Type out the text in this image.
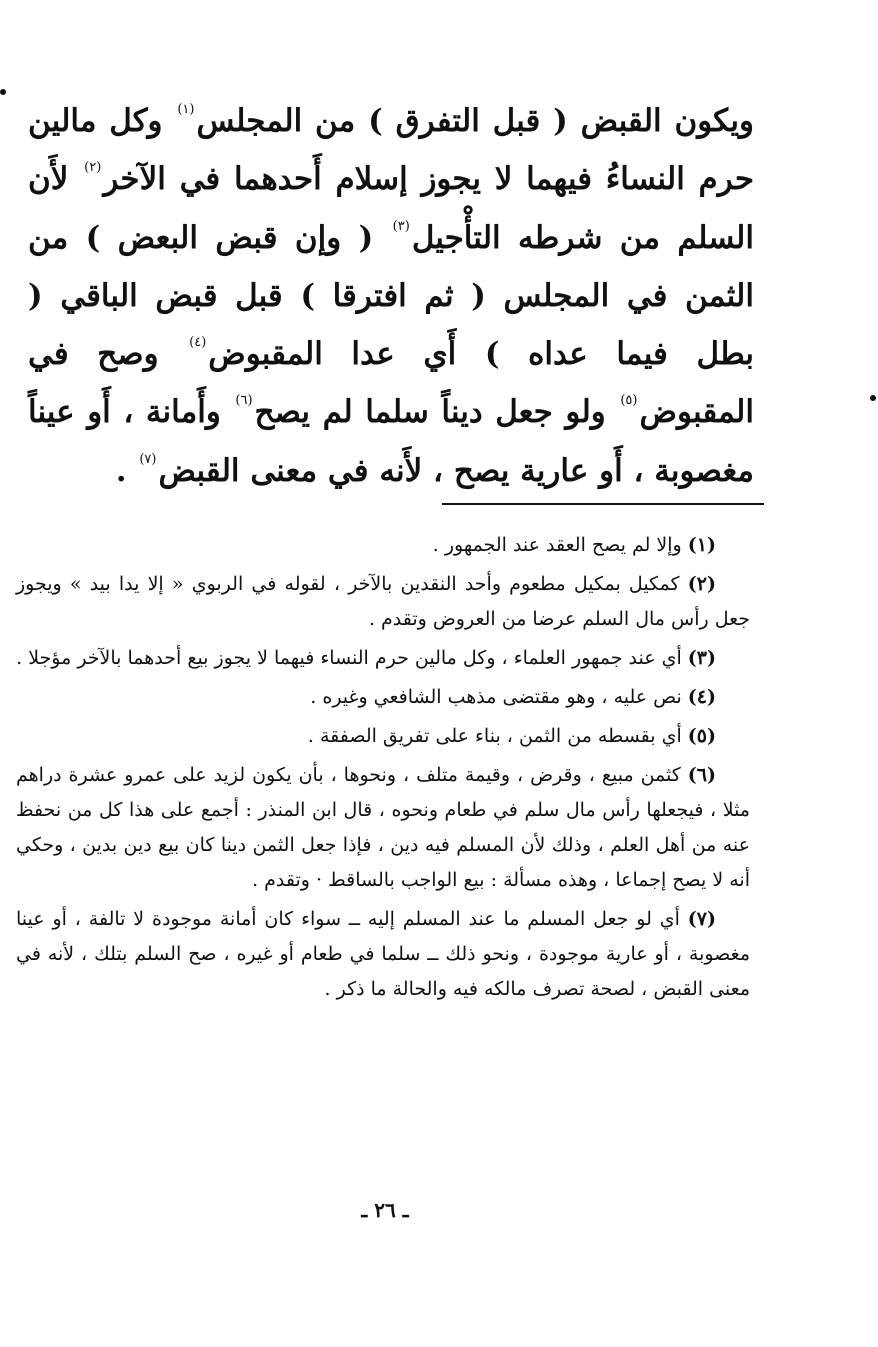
ويكون القبض ( قبل التفرق ) من المجلس$^{(١)}$ وكل مالين حرم النساءُ فيهما لا يجوز إسلام أَحدهما في الآخر$^{(٢)}$ لأَن السلم من شرطه التأْجيل$^{(٣)}$ ( وإن قبض البعض ) من الثمن في المجلس ( ثم افترقا ) قبل قبض الباقي ( بطل فيما عداه ) أَي عدا المقبوض$^{(٤)}$ وصح في المقبوض$^{(٥)}$ ولو جعل ديناً سلما لم يصح$^{(٦)}$ وأَمانة ، أَو عيناً مغصوبة ، أَو عارية يصح ، لأَنه في معنى القبض$^{(٧)}$ .

(١) وإلا لم يصح العقد عند الجمهور .

(٢) كمكيل بمكيل مطعوم وأحد النقدين بالآخر ، لقوله في الربوي « إلا يدا بيد » ويجوز جعل رأس مال السلم عرضا من العروض وتقدم .

(٣) أي عند جمهور العلماء ، وكل مالين حرم النساء فيهما لا يجوز بيع أحدهما بالآخر مؤجلا .

(٤) نص عليه ، وهو مقتضى مذهب الشافعي وغيره .

(٥) أي بقسطه من الثمن ، بناء على تفريق الصفقة .

(٦) كثمن مبيع ، وقرض ، وقيمة متلف ، ونحوها ، بأن يكون لزيد على عمرو عشرة دراهم مثلا ، فيجعلها رأس مال سلم في طعام ونحوه ، قال ابن المنذر : أجمع على هذا كل من نحفظ عنه من أهل العلم ، وذلك لأن المسلم فيه دين ، فإذا جعل الثمن دينا كان بيع دين بدين ، وحكي أنه لا يصح إجماعا ، وهذه مسألة : بيع الواجب بالساقط · وتقدم .

(٧) أي لو جعل المسلم ما عند المسلم إليه ــ سواء كان أمانة موجودة لا تالفة ، أو عينا مغصوبة ، أو عارية موجودة ، ونحو ذلك ــ سلما في طعام أو غيره ، صح السلم بتلك ، لأنه في معنى القبض ، لصحة تصرف مالكه فيه والحالة ما ذكر .

ـ ٢٦ ـ
